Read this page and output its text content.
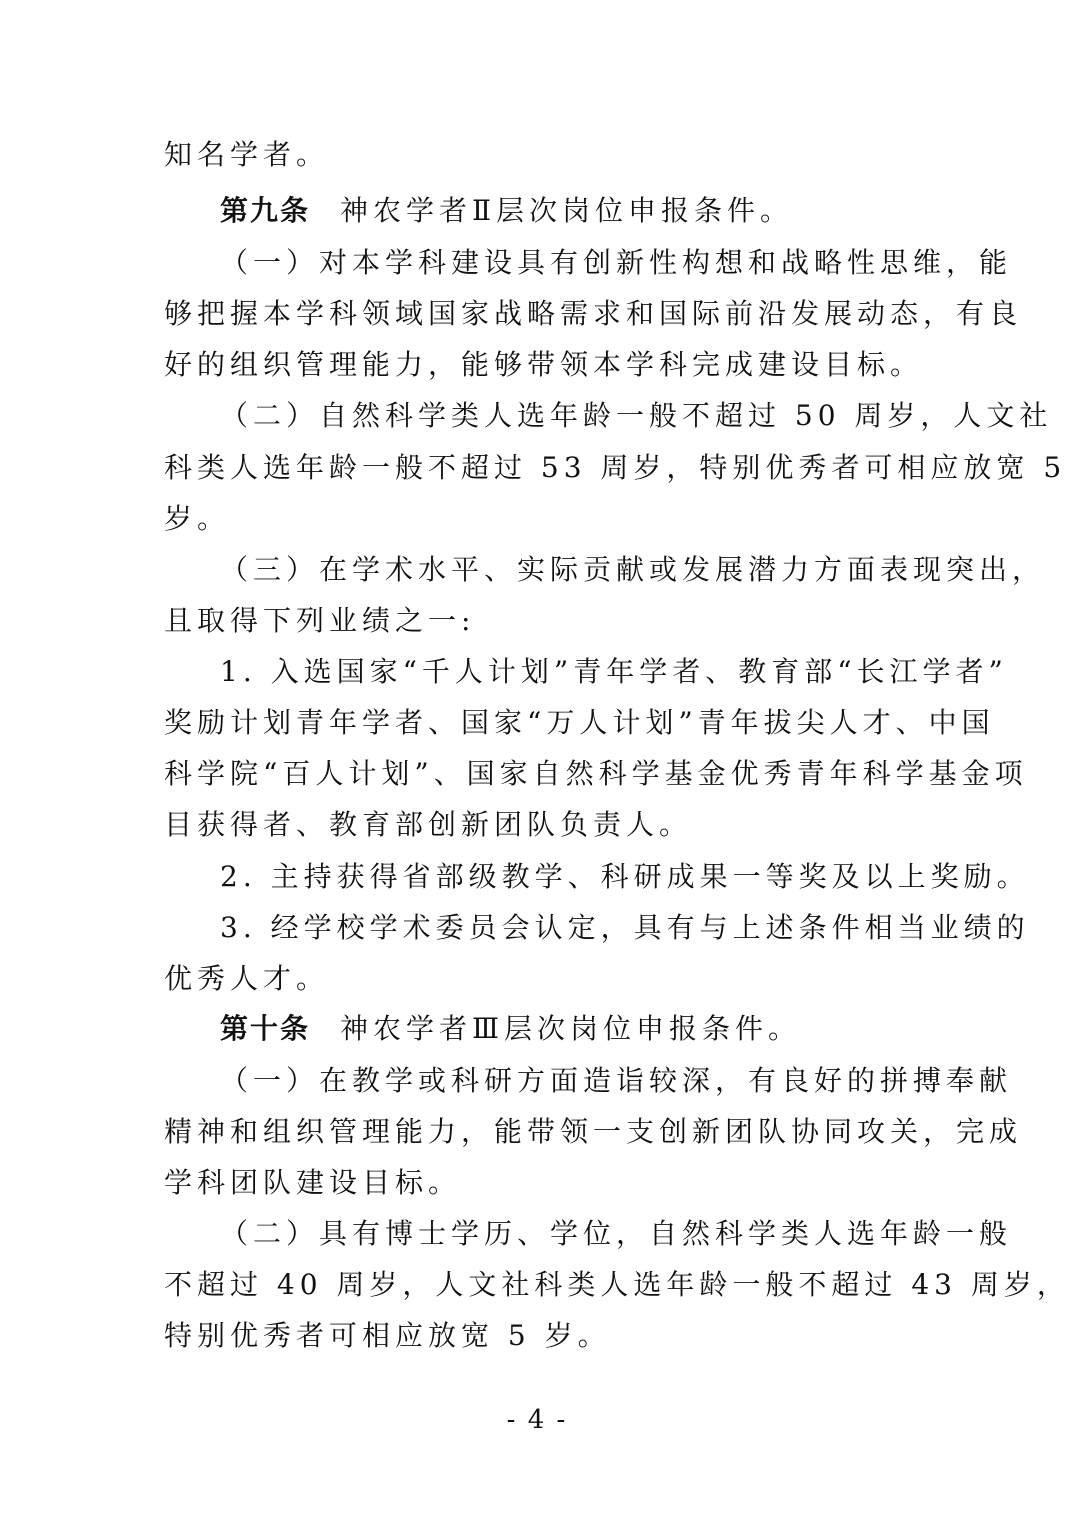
知名学者。
第九条 神农学者Ⅱ层次岗位申报条件。
（一）对本学科建设具有创新性构想和战略性思维，能
够把握本学科领域国家战略需求和国际前沿发展动态，有良
好的组织管理能力，能够带领本学科完成建设目标。
（二）自然科学类人选年龄一般不超过 50 周岁，人文社
科类人选年龄一般不超过 53 周岁，特别优秀者可相应放宽 5
岁。
（三）在学术水平、实际贡献或发展潜力方面表现突出，
且取得下列业绩之一:
1. 入选国家“千人计划”青年学者、教育部“长江学者”
奖励计划青年学者、国家“万人计划”青年拔尖人才、中国
科学院“百人计划”、国家自然科学基金优秀青年科学基金项
目获得者、教育部创新团队负责人。
2. 主持获得省部级教学、科研成果一等奖及以上奖励。
3. 经学校学术委员会认定，具有与上述条件相当业绩的
优秀人才。
第十条 神农学者Ⅲ层次岗位申报条件。
（一）在教学或科研方面造诣较深，有良好的拼搏奉献
精神和组织管理能力，能带领一支创新团队协同攻关，完成
学科团队建设目标。
（二）具有博士学历、学位，自然科学类人选年龄一般
不超过 40 周岁，人文社科类人选年龄一般不超过 43 周岁，
特别优秀者可相应放宽 5 岁。
- 4 -
